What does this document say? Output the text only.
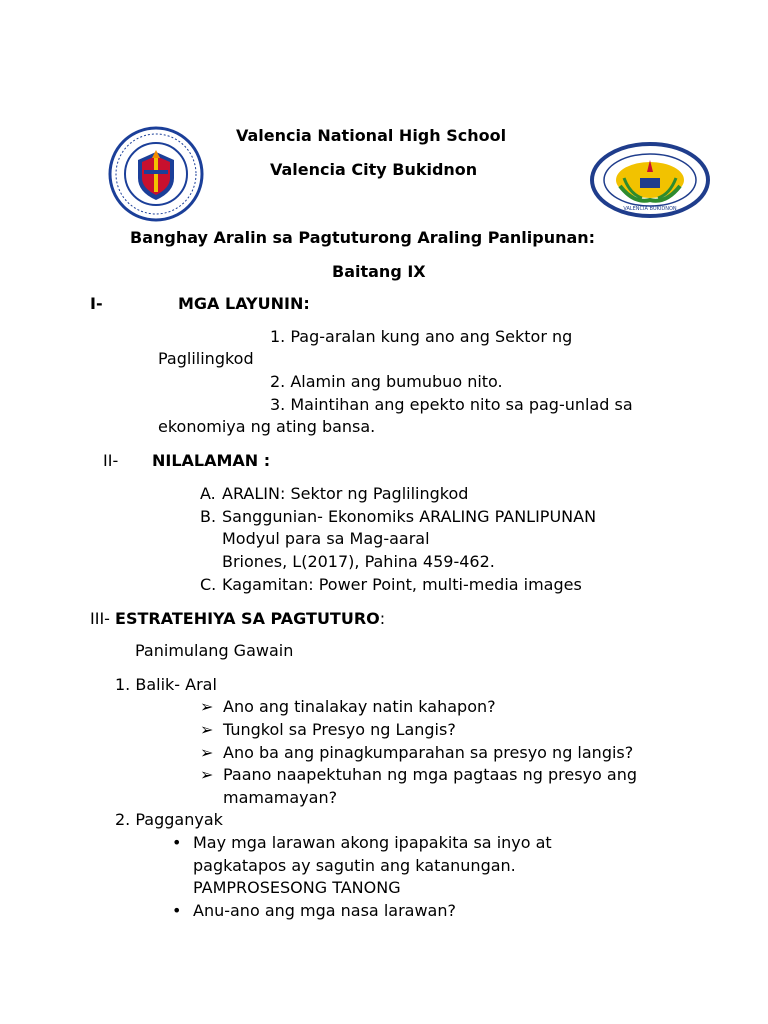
VALENCIA BUKIDNON
Valencia National High School
Valencia City Bukidnon
Banghay Aralin sa Pagtuturong Araling Panlipunan:
Baitang IX
I-	MGA LAYUNIN:
1. Pag-aralan kung ano ang Sektor ng
Paglilingkod
2. Alamin ang bumubuo nito.
3. Maintihan ang epekto nito sa pag-unlad sa
ekonomiya ng ating bansa.
II- NILALAMAN :
A. ARALIN: Sektor ng Paglilingkod
B. Sanggunian- Ekonomiks ARALING PANLIPUNAN
Modyul para sa Mag-aaral
Briones, L(2017), Pahina 459-462.
C. Kagamitan: Power Point, multi-media images
III- ESTRATEHIYA SA PAGTUTURO:
Panimulang Gawain
1. Balik- Aral
➢ Ano ang tinalakay natin kahapon?
➢ Tungkol sa Presyo ng Langis?
➢ Ano ba ang pinagkumparahan sa presyo ng langis?
➢ Paano naapektuhan ng mga pagtaas ng presyo ang
mamamayan?
2. Pagganyak
• May mga larawan akong ipapakita sa inyo at
pagkatapos ay sagutin ang katanungan.
PAMPROSESONG TANONG
• Anu-ano ang mga nasa larawan?
